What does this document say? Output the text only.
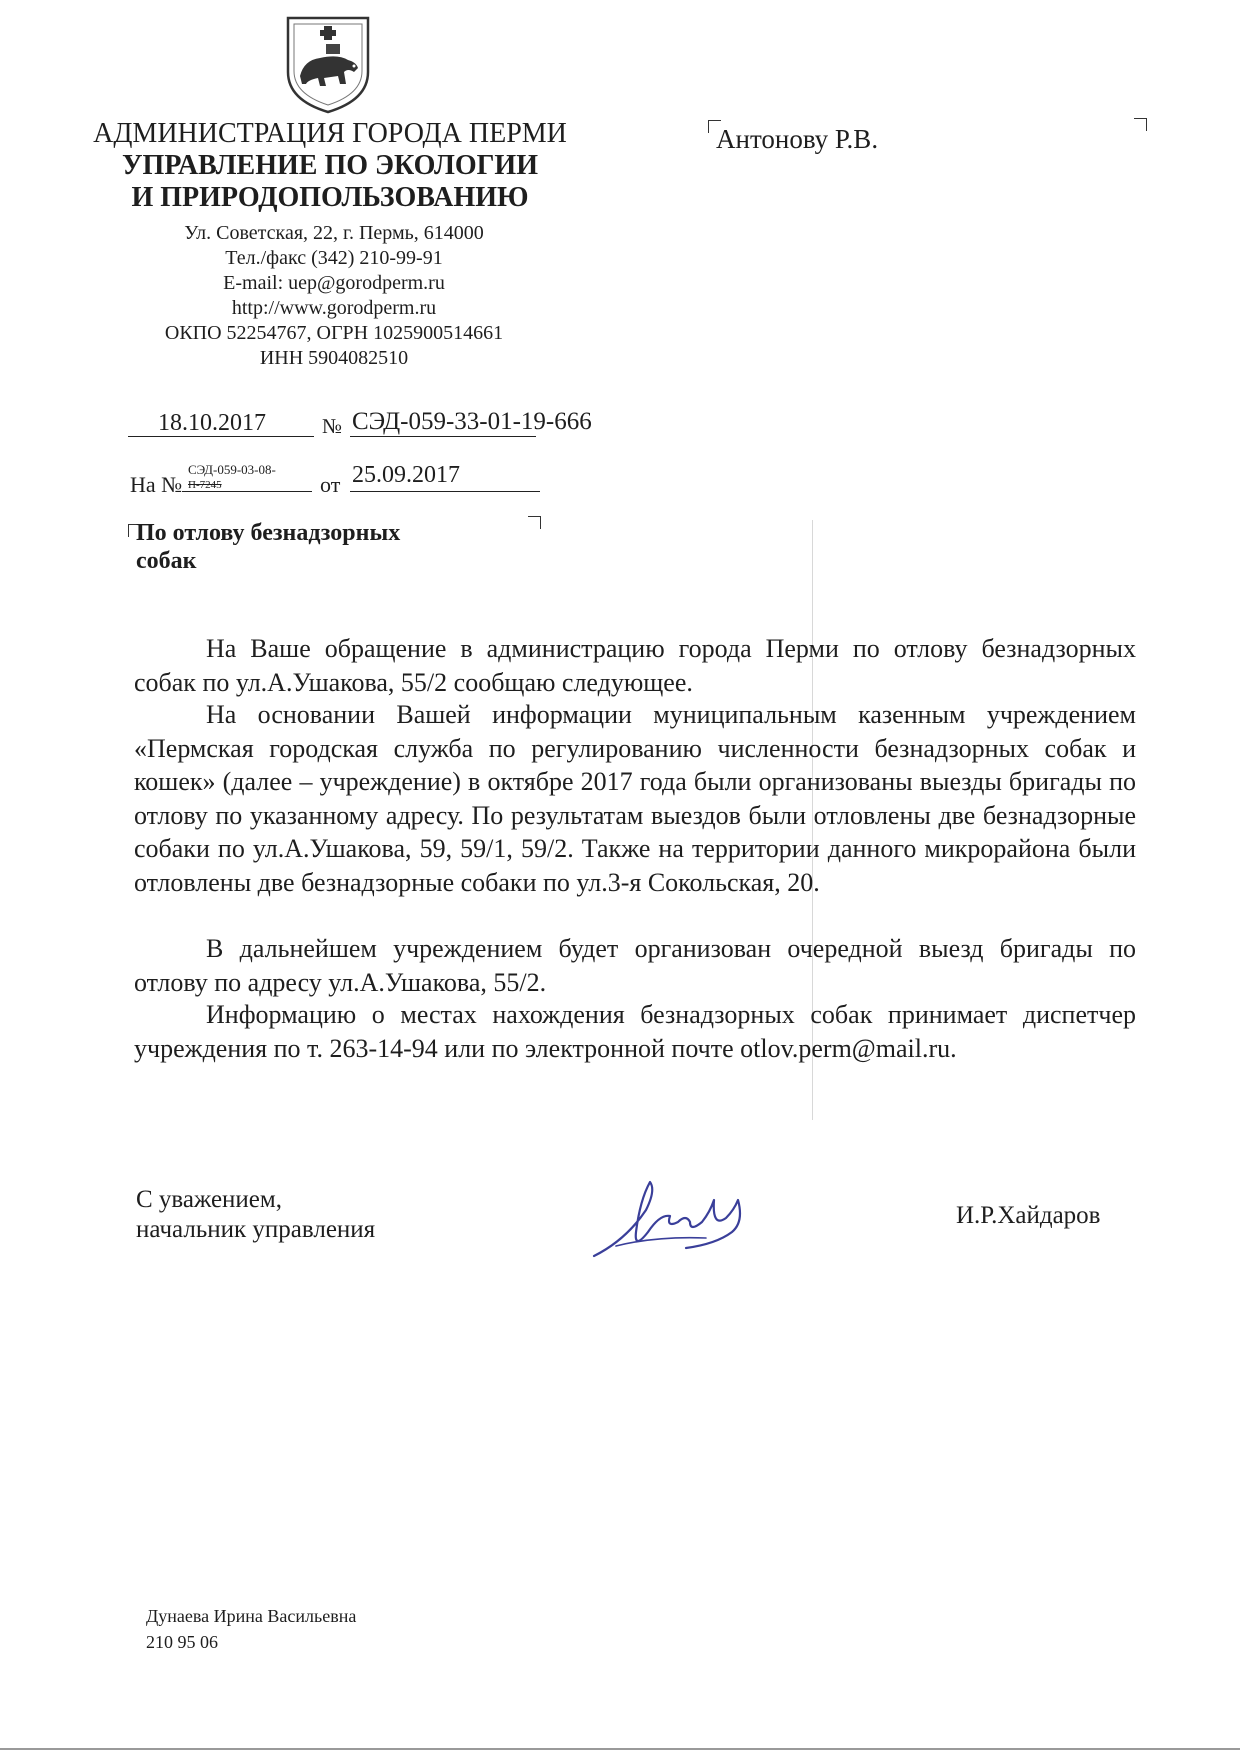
АДМИНИСТРАЦИЯ ГОРОДА ПЕРМИ
УПРАВЛЕНИЕ ПО ЭКОЛОГИИ
И ПРИРОДОПОЛЬЗОВАНИЮ
Ул. Советская, 22, г. Пермь, 614000
Тел./факс (342) 210-99-91
E-mail: uep@gorodperm.ru
http://www.gorodperm.ru
ОКПО 52254767, ОГРН 1025900514661
ИНН 5904082510
Антонову Р.В.
18.10.2017	№ СЭД-059-33-01-19-666
На №
СЭД-059-03-08-
П-7245	от 25.09.2017
По отлову безнадзорных
собак
На Ваше обращение в администрацию города Перми по отлову безнадзорных собак по ул.А.Ушакова, 55/2 сообщаю следующее.
На основании Вашей информации муниципальным казенным учреждением «Пермская городская служба по регулированию численности безнадзорных собак и кошек» (далее – учреждение) в октябре 2017 года были организованы выезды бригады по отлову по указанному адресу. По результатам выездов были отловлены две безнадзорные собаки по ул.А.Ушакова, 59, 59/1, 59/2. Также на территории данного микрорайона были отловлены две безнадзорные собаки по ул.3-я Сокольская, 20.
В дальнейшем учреждением будет организован очередной выезд бригады по отлову по адресу ул.А.Ушакова, 55/2.
Информацию о местах нахождения безнадзорных собак принимает диспетчер учреждения по т. 263-14-94 или по электронной почте otlov.perm@mail.ru.
С уважением,
начальник управления
И.Р.Хайдаров
Дунаева Ирина Васильевна
210 95 06
